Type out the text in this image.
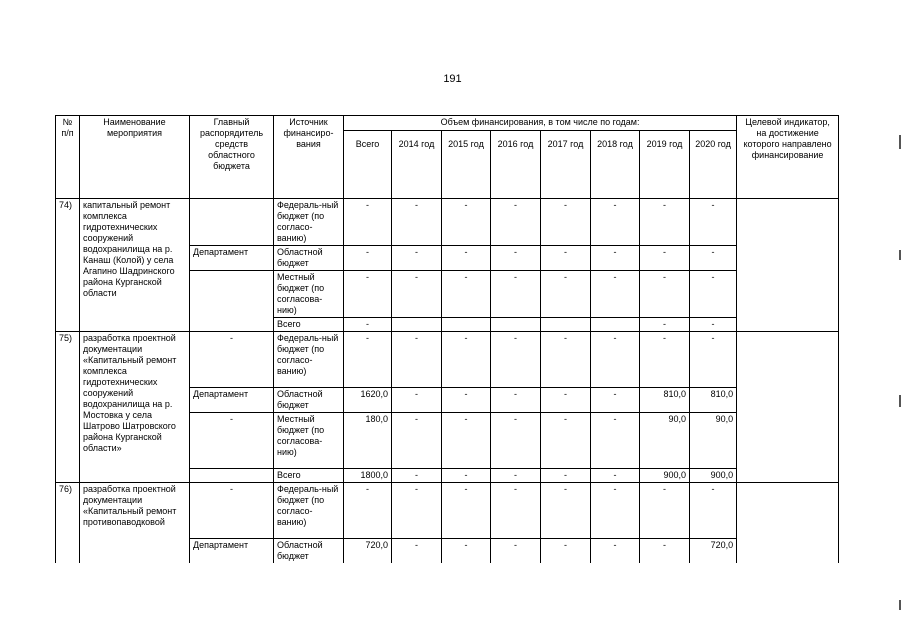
191
№ п/п	Наименование мероприятия	Главный распорядитель средств областного бюджета	Источник финансиро-вания	Объем финансирования, в том числе по годам:								Целевой индикатор, на достижение которого направлено финансирование
				Всего	2014 год	2015 год	2016 год	2017 год	2018 год	2019 год	2020 год	
74)	капитальный ремонт комплекса гидротехнических сооружений водохранилища на р. Канаш (Колой) у села Агапино Шадринского района Курганской области		Федераль-ный бюджет (по согласо-ванию)	-	-	-	-	-	-	-	-	
		Департамент	Областной бюджет	-	-	-	-	-	-	-	-	
			Местный бюджет (по согласова-нию)	-	-	-	-	-	-	-	-	
			Всего	-						-	-	
75)	разработка проектной документации «Капитальный ремонт комплекса гидротехнических сооружений водохранилища на р. Мостовка у села Шатрово Шатровского района Курганской области»	-	Федераль-ный бюджет (по согласо-ванию)	-	-	-	-	-	-	-	-	
		Департамент	Областной бюджет	1620,0	-	-	-	-	-	810,0	810,0	
		-	Местный бюджет (по согласова-нию)	180,0	-	-	-	-	-	90,0	90,0	
			Всего	1800,0	-	-	-	-	-	900,0	900,0	
76)	разработка проектной документации «Капитальный ремонт противопаводковой	-	Федераль-ный бюджет (по согласо-ванию)	-	-	-	-	-	-	-	-	
		Департамент	Областной бюджет	720,0	-	-	-	-	-	-	720,0	
